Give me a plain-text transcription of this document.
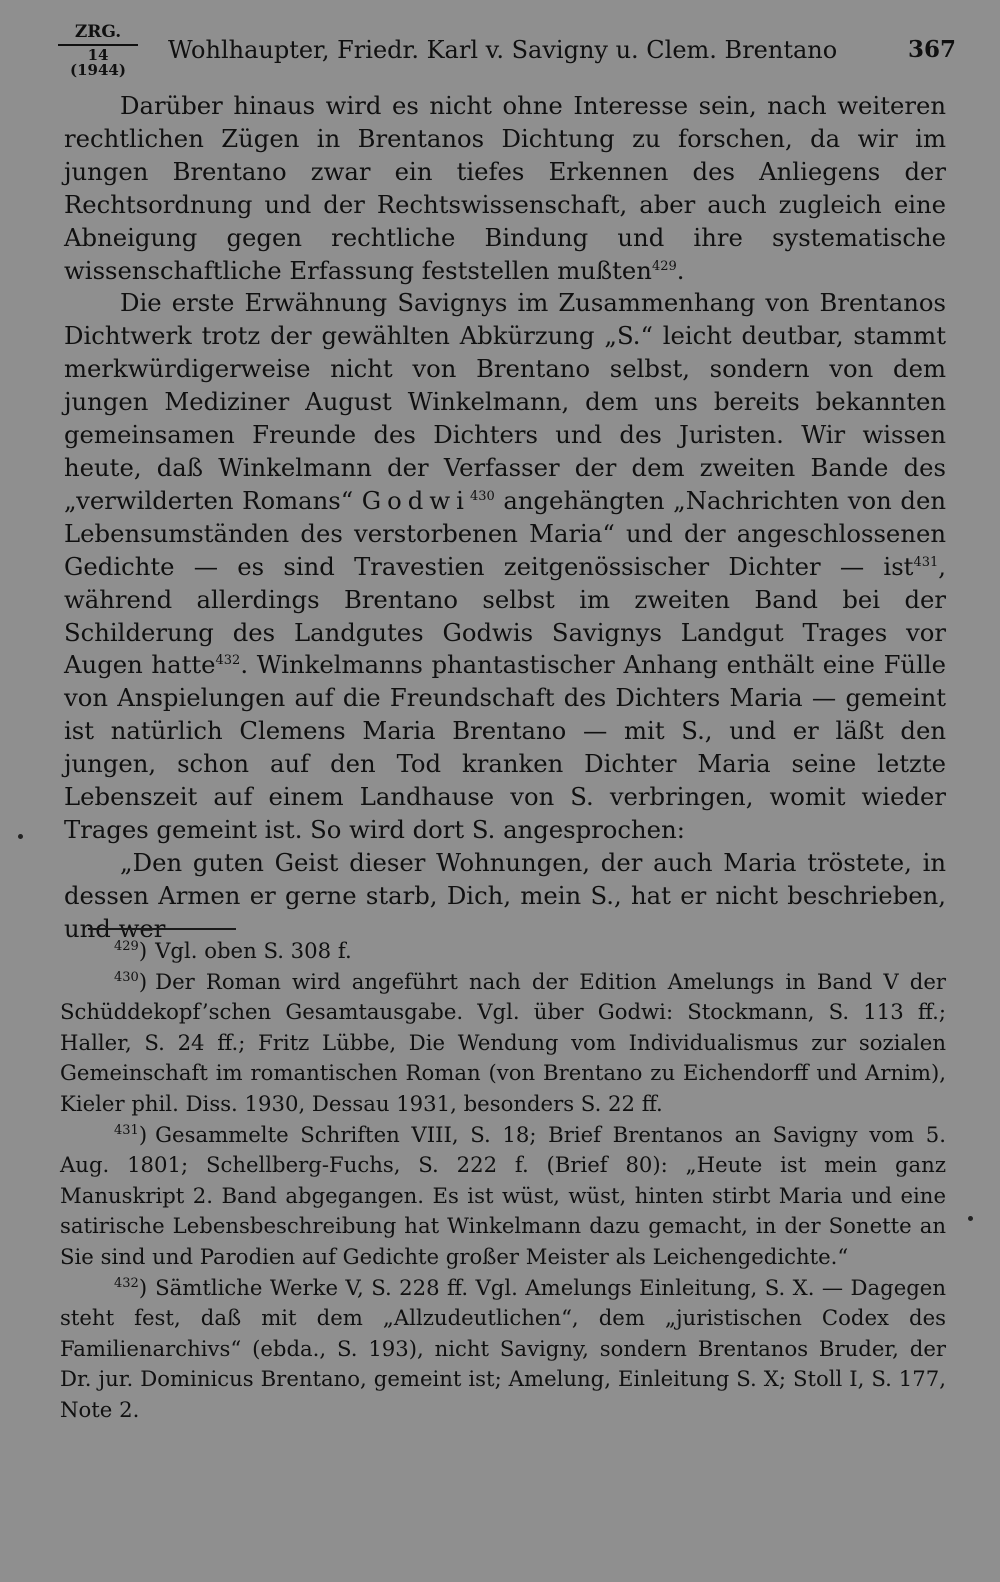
ZRG.
14 (1944)
Wohlhaupter, Friedr. Karl v. Savigny u. Clem. Brentano	367

Darüber hinaus wird es nicht ohne Interesse sein, nach weiteren rechtlichen Zügen in Brentanos Dichtung zu forschen, da wir im jungen Brentano zwar ein tiefes Erkennen des Anliegens der Rechtsordnung und der Rechtswissenschaft, aber auch zugleich eine Abneigung gegen rechtliche Bindung und ihre systematische wissenschaftliche Erfassung feststellen mußten$^{429}$.

Die erste Erwähnung Savignys im Zusammenhang von Brentanos Dichtwerk trotz der gewählten Abkürzung „S.“ leicht deutbar, stammt merkwürdigerweise nicht von Brentano selbst, sondern von dem jungen Mediziner August Winkelmann, dem uns bereits bekannten gemeinsamen Freunde des Dichters und des Juristen. Wir wissen heute, daß Winkelmann der Verfasser der dem zweiten Bande des „verwilderten Romans“ Godwi$^{430}$ angehängten „Nachrichten von den Lebensumständen des verstorbenen Maria“ und der angeschlossenen Gedichte — es sind Travestien zeitgenössischer Dichter — ist$^{431}$, während allerdings Brentano selbst im zweiten Band bei der Schilderung des Landgutes Godwis Savignys Landgut Trages vor Augen hatte$^{432}$. Winkelmanns phantastischer Anhang enthält eine Fülle von Anspielungen auf die Freundschaft des Dichters Maria — gemeint ist natürlich Clemens Maria Brentano — mit S., und er läßt den jungen, schon auf den Tod kranken Dichter Maria seine letzte Lebenszeit auf einem Landhause von S. verbringen, womit wieder Trages gemeint ist. So wird dort S. angesprochen:

„Den guten Geist dieser Wohnungen, der auch Maria tröstete, in dessen Armen er gerne starb, Dich, mein S., hat er nicht beschrieben, und wer

$^{429}$) Vgl. oben S. 308 f.

$^{430}$) Der Roman wird angeführt nach der Edition Amelungs in Band V der Schüddekopf’schen Gesamtausgabe. Vgl. über Godwi: Stockmann, S. 113 ff.; Haller, S. 24 ff.; Fritz Lübbe, Die Wendung vom Individualismus zur sozialen Gemeinschaft im romantischen Roman (von Brentano zu Eichendorff und Arnim), Kieler phil. Diss. 1930, Dessau 1931, besonders S. 22 ff.

$^{431}$) Gesammelte Schriften VIII, S. 18; Brief Brentanos an Savigny vom 5. Aug. 1801; Schellberg-Fuchs, S. 222 f. (Brief 80): „Heute ist mein ganz Manuskript 2. Band abgegangen. Es ist wüst, wüst, hinten stirbt Maria und eine satirische Lebensbeschreibung hat Winkelmann dazu gemacht, in der Sonette an Sie sind und Parodien auf Gedichte großer Meister als Leichengedichte.“

$^{432}$) Sämtliche Werke V, S. 228 ff. Vgl. Amelungs Einleitung, S. X. — Dagegen steht fest, daß mit dem „Allzudeutlichen“, dem „juristischen Codex des Familienarchivs“ (ebda., S. 193), nicht Savigny, sondern Brentanos Bruder, der Dr. jur. Dominicus Brentano, gemeint ist; Amelung, Einleitung S. X; Stoll I, S. 177, Note 2.
